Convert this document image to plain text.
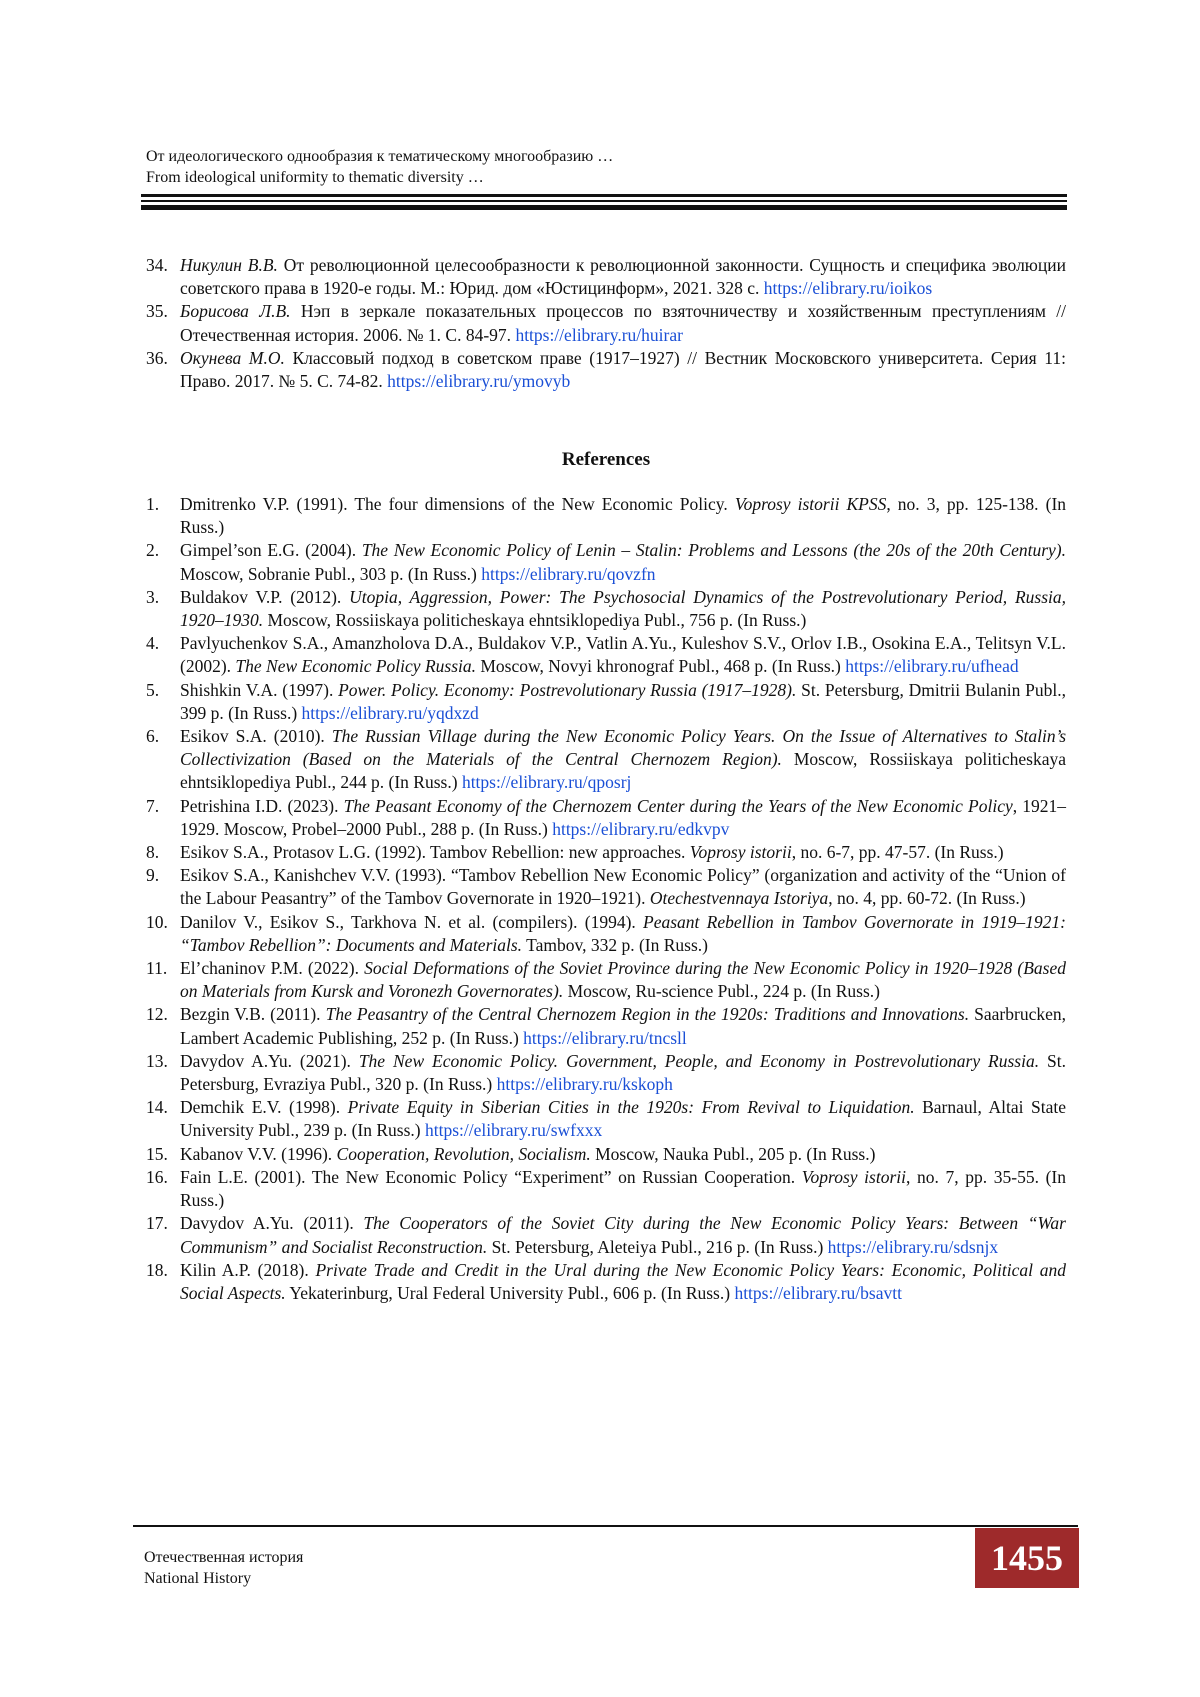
От идеологического однообразия к тематическому многообразию …
From ideological uniformity to thematic diversity …

34. Никулин В.В. От революционной целесообразности к революционной законности. Сущность и специфика эволюции советского права в 1920-е годы. М.: Юрид. дом «Юстицинформ», 2021. 328 с. https://elibrary.ru/ioikos

35. Борисова Л.В. Нэп в зеркале показательных процессов по взяточничеству и хозяйственным преступлениям // Отечественная история. 2006. № 1. С. 84-97. https://elibrary.ru/huirar

36. Окунева М.О. Классовый подход в советском праве (1917–1927) // Вестник Московского университета. Серия 11: Право. 2017. № 5. С. 74-82. https://elibrary.ru/ymovyb

References

1.	Dmitrenko V.P. (1991). The four dimensions of the New Economic Policy. Voprosy istorii KPSS, no. 3, pp. 125-138. (In Russ.)

2.	Gimpel’son E.G. (2004). The New Economic Policy of Lenin – Stalin: Problems and Lessons (the 20s of the 20th Century). Moscow, Sobranie Publ., 303 p. (In Russ.) https://elibrary.ru/qovzfn

3.	Buldakov V.P. (2012). Utopia, Aggression, Power: The Psychosocial Dynamics of the Postrevolutionary Period, Russia, 1920–1930. Moscow, Rossiiskaya politicheskaya ehntsiklopediya Publ., 756 p. (In Russ.)

4.	Pavlyuchenkov S.A., Amanzholova D.A., Buldakov V.P., Vatlin A.Yu., Kuleshov S.V., Orlov I.B., Osokina E.A., Telitsyn V.L. (2002). The New Economic Policy Russia. Moscow, Novyi khronograf Publ., 468 p. (In Russ.) https://elibrary.ru/ufhead

5.	Shishkin V.A. (1997). Power. Policy. Economy: Postrevolutionary Russia (1917–1928). St. Petersburg, Dmitrii Bulanin Publ., 399 p. (In Russ.) https://elibrary.ru/yqdxzd

6.	Esikov S.A. (2010). The Russian Village during the New Economic Policy Years. On the Issue of Alternatives to Stalin’s Collectivization (Based on the Materials of the Central Chernozem Region). Moscow, Rossiiskaya politicheskaya ehntsiklopediya Publ., 244 p. (In Russ.) https://elibrary.ru/qposrj

7.	Petrishina I.D. (2023). The Peasant Economy of the Chernozem Center during the Years of the New Economic Policy, 1921–1929. Moscow, Probel–2000 Publ., 288 p. (In Russ.) https://elibrary.ru/edkvpv

8.	Esikov S.A., Protasov L.G. (1992). Tambov Rebellion: new approaches. Voprosy istorii, no. 6-7, pp. 47-57. (In Russ.)

9.	Esikov S.A., Kanishchev V.V. (1993). “Tambov Rebellion New Economic Policy” (organization and activity of the “Union of the Labour Peasantry” of the Tambov Governorate in 1920–1921). Otechestvennaya Istoriya, no. 4, pp. 60-72. (In Russ.)

10. Danilov V., Esikov S., Tarkhova N. et al. (compilers). (1994). Peasant Rebellion in Tambov Governorate in 1919–1921: “Tambov Rebellion”: Documents and Materials. Tambov, 332 p. (In Russ.)

11. El’chaninov P.M. (2022). Social Deformations of the Soviet Province during the New Economic Policy in 1920–1928 (Based on Materials from Kursk and Voronezh Governorates). Moscow, Ru-science Publ., 224 p. (In Russ.)

12. Bezgin V.B. (2011). The Peasantry of the Central Chernozem Region in the 1920s: Traditions and Innovations. Saarbrucken, Lambert Academic Publishing, 252 p. (In Russ.) https://elibrary.ru/tncsll

13. Davydov A.Yu. (2021). The New Economic Policy. Government, People, and Economy in Postrevolutionary Russia. St. Petersburg, Evraziya Publ., 320 p. (In Russ.) https://elibrary.ru/kskoph

14. Demchik E.V. (1998). Private Equity in Siberian Cities in the 1920s: From Revival to Liquidation. Barnaul, Altai State University Publ., 239 p. (In Russ.) https://elibrary.ru/swfxxx

15. Kabanov V.V. (1996). Cooperation, Revolution, Socialism. Moscow, Nauka Publ., 205 p. (In Russ.)

16. Fain L.E. (2001). The New Economic Policy “Experiment” on Russian Cooperation. Voprosy istorii, no. 7, pp. 35-55. (In Russ.)

17. Davydov A.Yu. (2011). The Cooperators of the Soviet City during the New Economic Policy Years: Between “War Communism” and Socialist Reconstruction. St. Petersburg, Aleteiya Publ., 216 p. (In Russ.) https://elibrary.ru/sdsnjx

18. Kilin A.P. (2018). Private Trade and Credit in the Ural during the New Economic Policy Years: Economic, Political and Social Aspects. Yekaterinburg, Ural Federal University Publ., 606 p. (In Russ.) https://elibrary.ru/bsavtt

Отечественная история
National History
1455
